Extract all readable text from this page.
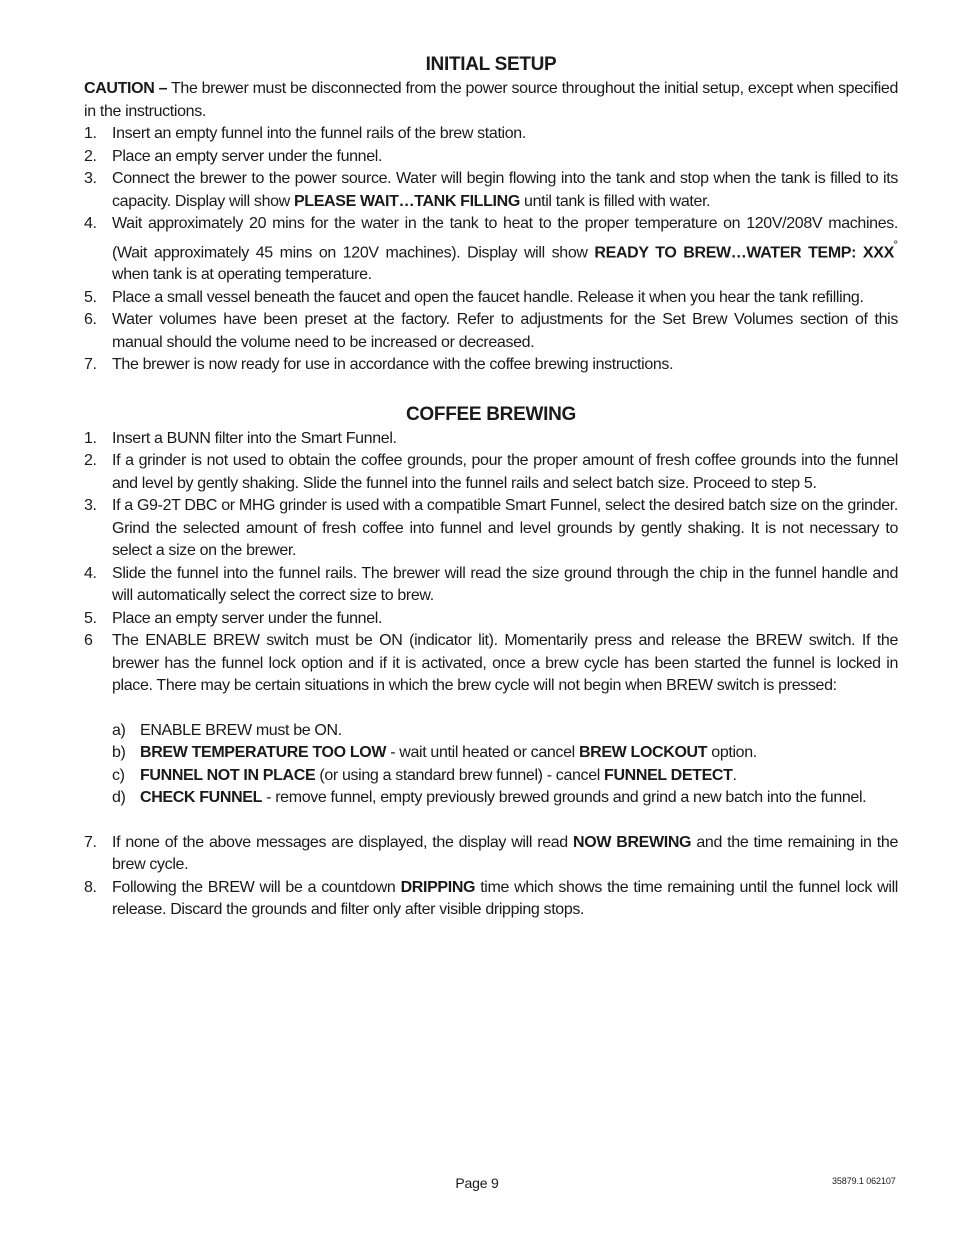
INITIAL SETUP

CAUTION – The brewer must be disconnected from the power source throughout the initial setup, except when specified in the instructions.

1. Insert an empty funnel into the funnel rails of the brew station.
2. Place an empty server under the funnel.
3. Connect the brewer to the power source. Water will begin flowing into the tank and stop when the tank is filled to its capacity. Display will show PLEASE WAIT…TANK FILLING until tank is filled with water.
4. Wait approximately 20 mins for the water in the tank to heat to the proper temperature on 120V/208V machines. (Wait approximately 45 mins on 120V machines). Display will show READY TO BREW…WATER TEMP: XXX˚ when tank is at operating temperature.
5. Place a small vessel beneath the faucet and open the faucet handle. Release it when you hear the tank refilling.
6. Water volumes have been preset at the factory. Refer to adjustments for the Set Brew Volumes section of this manual should the volume need to be increased or decreased.
7. The brewer is now ready for use in accordance with the coffee brewing instructions.
COFFEE BREWING
1. Insert a BUNN filter into the Smart Funnel.
2. If a grinder is not used to obtain the coffee grounds, pour the proper amount of fresh coffee grounds into the funnel and level by gently shaking. Slide the funnel into the funnel rails and select batch size. Proceed to step 5.
3. If a G9-2T DBC or MHG grinder is used with a compatible Smart Funnel, select the desired batch size on the grinder. Grind the selected amount of fresh coffee into funnel and level grounds by gently shaking. It is not necessary to select a size on the brewer.
4. Slide the funnel into the funnel rails. The brewer will read the size ground through the chip in the funnel handle and will automatically select the correct size to brew.
5. Place an empty server under the funnel.
6 The ENABLE BREW switch must be ON (indicator lit). Momentarily press and release the BREW switch. If the brewer has the funnel lock option and if it is activated, once a brew cycle has been started the funnel is locked in place. There may be certain situations in which the brew cycle will not begin when BREW switch is pressed:
a) ENABLE BREW must be ON.
b) BREW TEMPERATURE TOO LOW - wait until heated or cancel BREW LOCKOUT option.
c) FUNNEL NOT IN PLACE (or using a standard brew funnel) - cancel FUNNEL DETECT.
d) CHECK FUNNEL - remove funnel, empty previously brewed grounds and grind a new batch into the funnel.
7. If none of the above messages are displayed, the display will read NOW BREWING and the time remaining in the brew cycle.
8. Following the BREW will be a countdown DRIPPING time which shows the time remaining until the funnel lock will release. Discard the grounds and filter only after visible dripping stops.
Page 9	35879.1 062107
